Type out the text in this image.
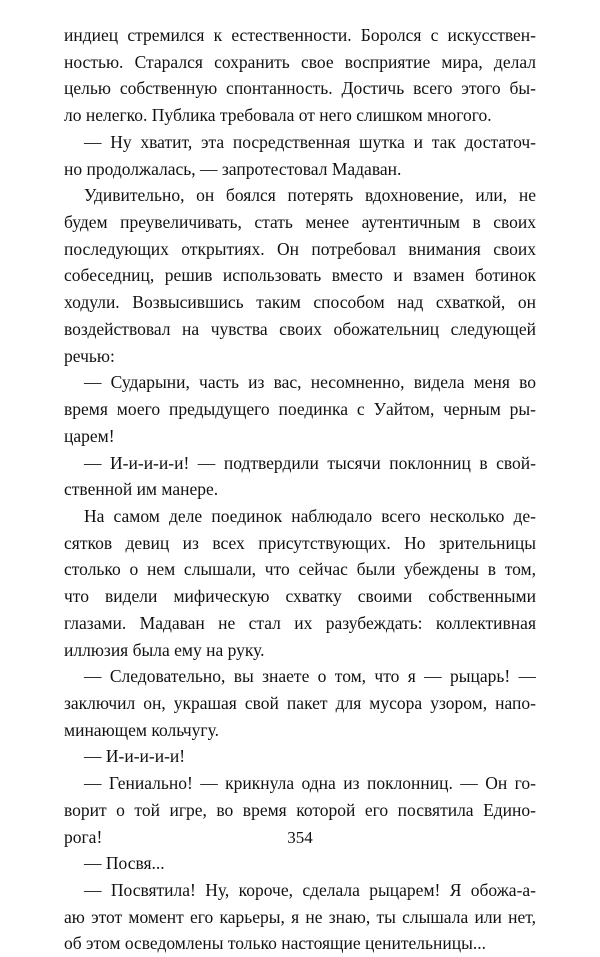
индиец стремился к естественности. Боролся с искусствен-
ностью. Старался сохранить свое восприятие мира, делал
целью собственную спонтанность. Достичь всего этого бы-
ло нелегко. Публика требовала от него слишком многого.
— Ну хватит, эта посредственная шутка и так достаточ-
но продолжалась, — запротестовал Мадаван.
Удивительно, он боялся потерять вдохновение, или, не
будем преувеличивать, стать менее аутентичным в своих
последующих открытиях. Он потребовал внимания своих
собеседниц, решив использовать вместо и взамен ботинок
ходули. Возвысившись таким способом над схваткой, он
воздействовал на чувства своих обожательниц следующей
речью:
— Сударыни, часть из вас, несомненно, видела меня во
время моего предыдущего поединка с Уайтом, черным ры-
царем!
— И-и-и-и-и! — подтвердили тысячи поклонниц в свой-
ственной им манере.
На самом деле поединок наблюдало всего несколько де-
сятков девиц из всех присутствующих. Но зрительницы
столько о нем слышали, что сейчас были убеждены в том,
что видели мифическую схватку своими собственными
глазами. Мадаван не стал их разубеждать: коллективная
иллюзия была ему на руку.
— Следовательно, вы знаете о том, что я — рыцарь! —
заключил он, украшая свой пакет для мусора узором, напо-
минающем кольчугу.
— И-и-и-и-и!
— Гениально! — крикнула одна из поклонниц. — Он го-
ворит о той игре, во время которой его посвятила Едино-
рога!
— Посвя...
— Посвятила! Ну, короче, сделала рыцарем! Я обожа-а-
аю этот момент его карьеры, я не знаю, ты слышала или нет,
об этом осведомлены только настоящие ценительницы...
354
